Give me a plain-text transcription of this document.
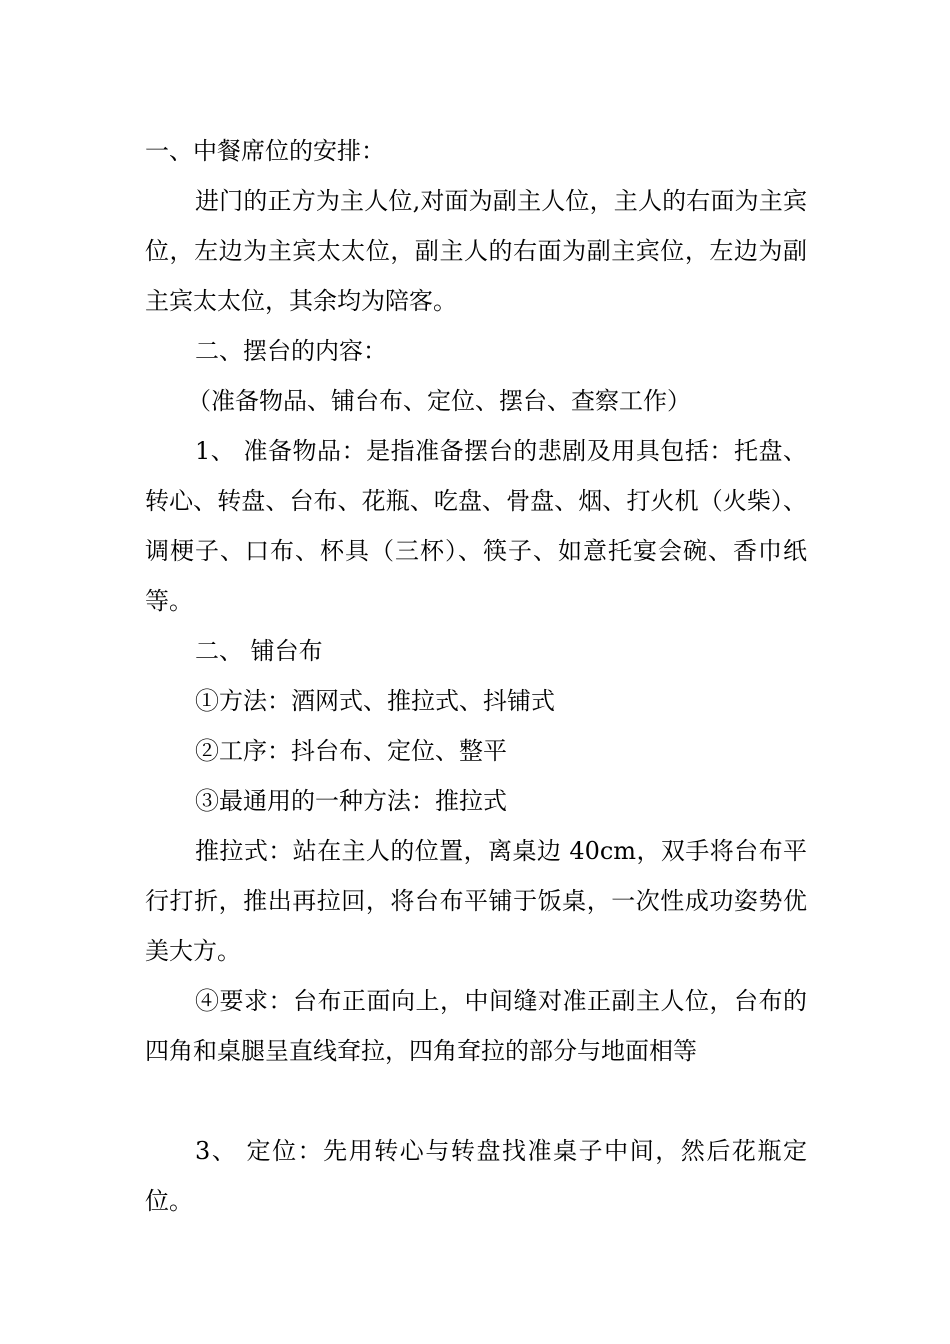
一、中餐席位的安排：

进门的正方为主人位,对面为副主人位，主人的右面为主宾位，左边为主宾太太位，副主人的右面为副主宾位，左边为副主宾太太位，其余均为陪客。

二、摆台的内容：

（准备物品、铺台布、定位、摆台、查察工作）

1、 准备物品：是指准备摆台的悲剧及用具包括：托盘、转心、转盘、台布、花瓶、吃盘、骨盘、烟、打火机（火柴）、调梗子、口布、杯具（三杯）、筷子、如意托宴会碗、香巾纸等。

二、 铺台布

①方法：酒网式、推拉式、抖铺式

②工序：抖台布、定位、整平

③最通用的一种方法：推拉式

推拉式：站在主人的位置，离桌边 40cm，双手将台布平行打折，推出再拉回，将台布平铺于饭桌，一次性成功姿势优美大方。

④要求：台布正面向上，中间缝对准正副主人位，台布的四角和桌腿呈直线耷拉，四角耷拉的部分与地面相等

3、 定位：先用转心与转盘找准桌子中间，然后花瓶定位。
